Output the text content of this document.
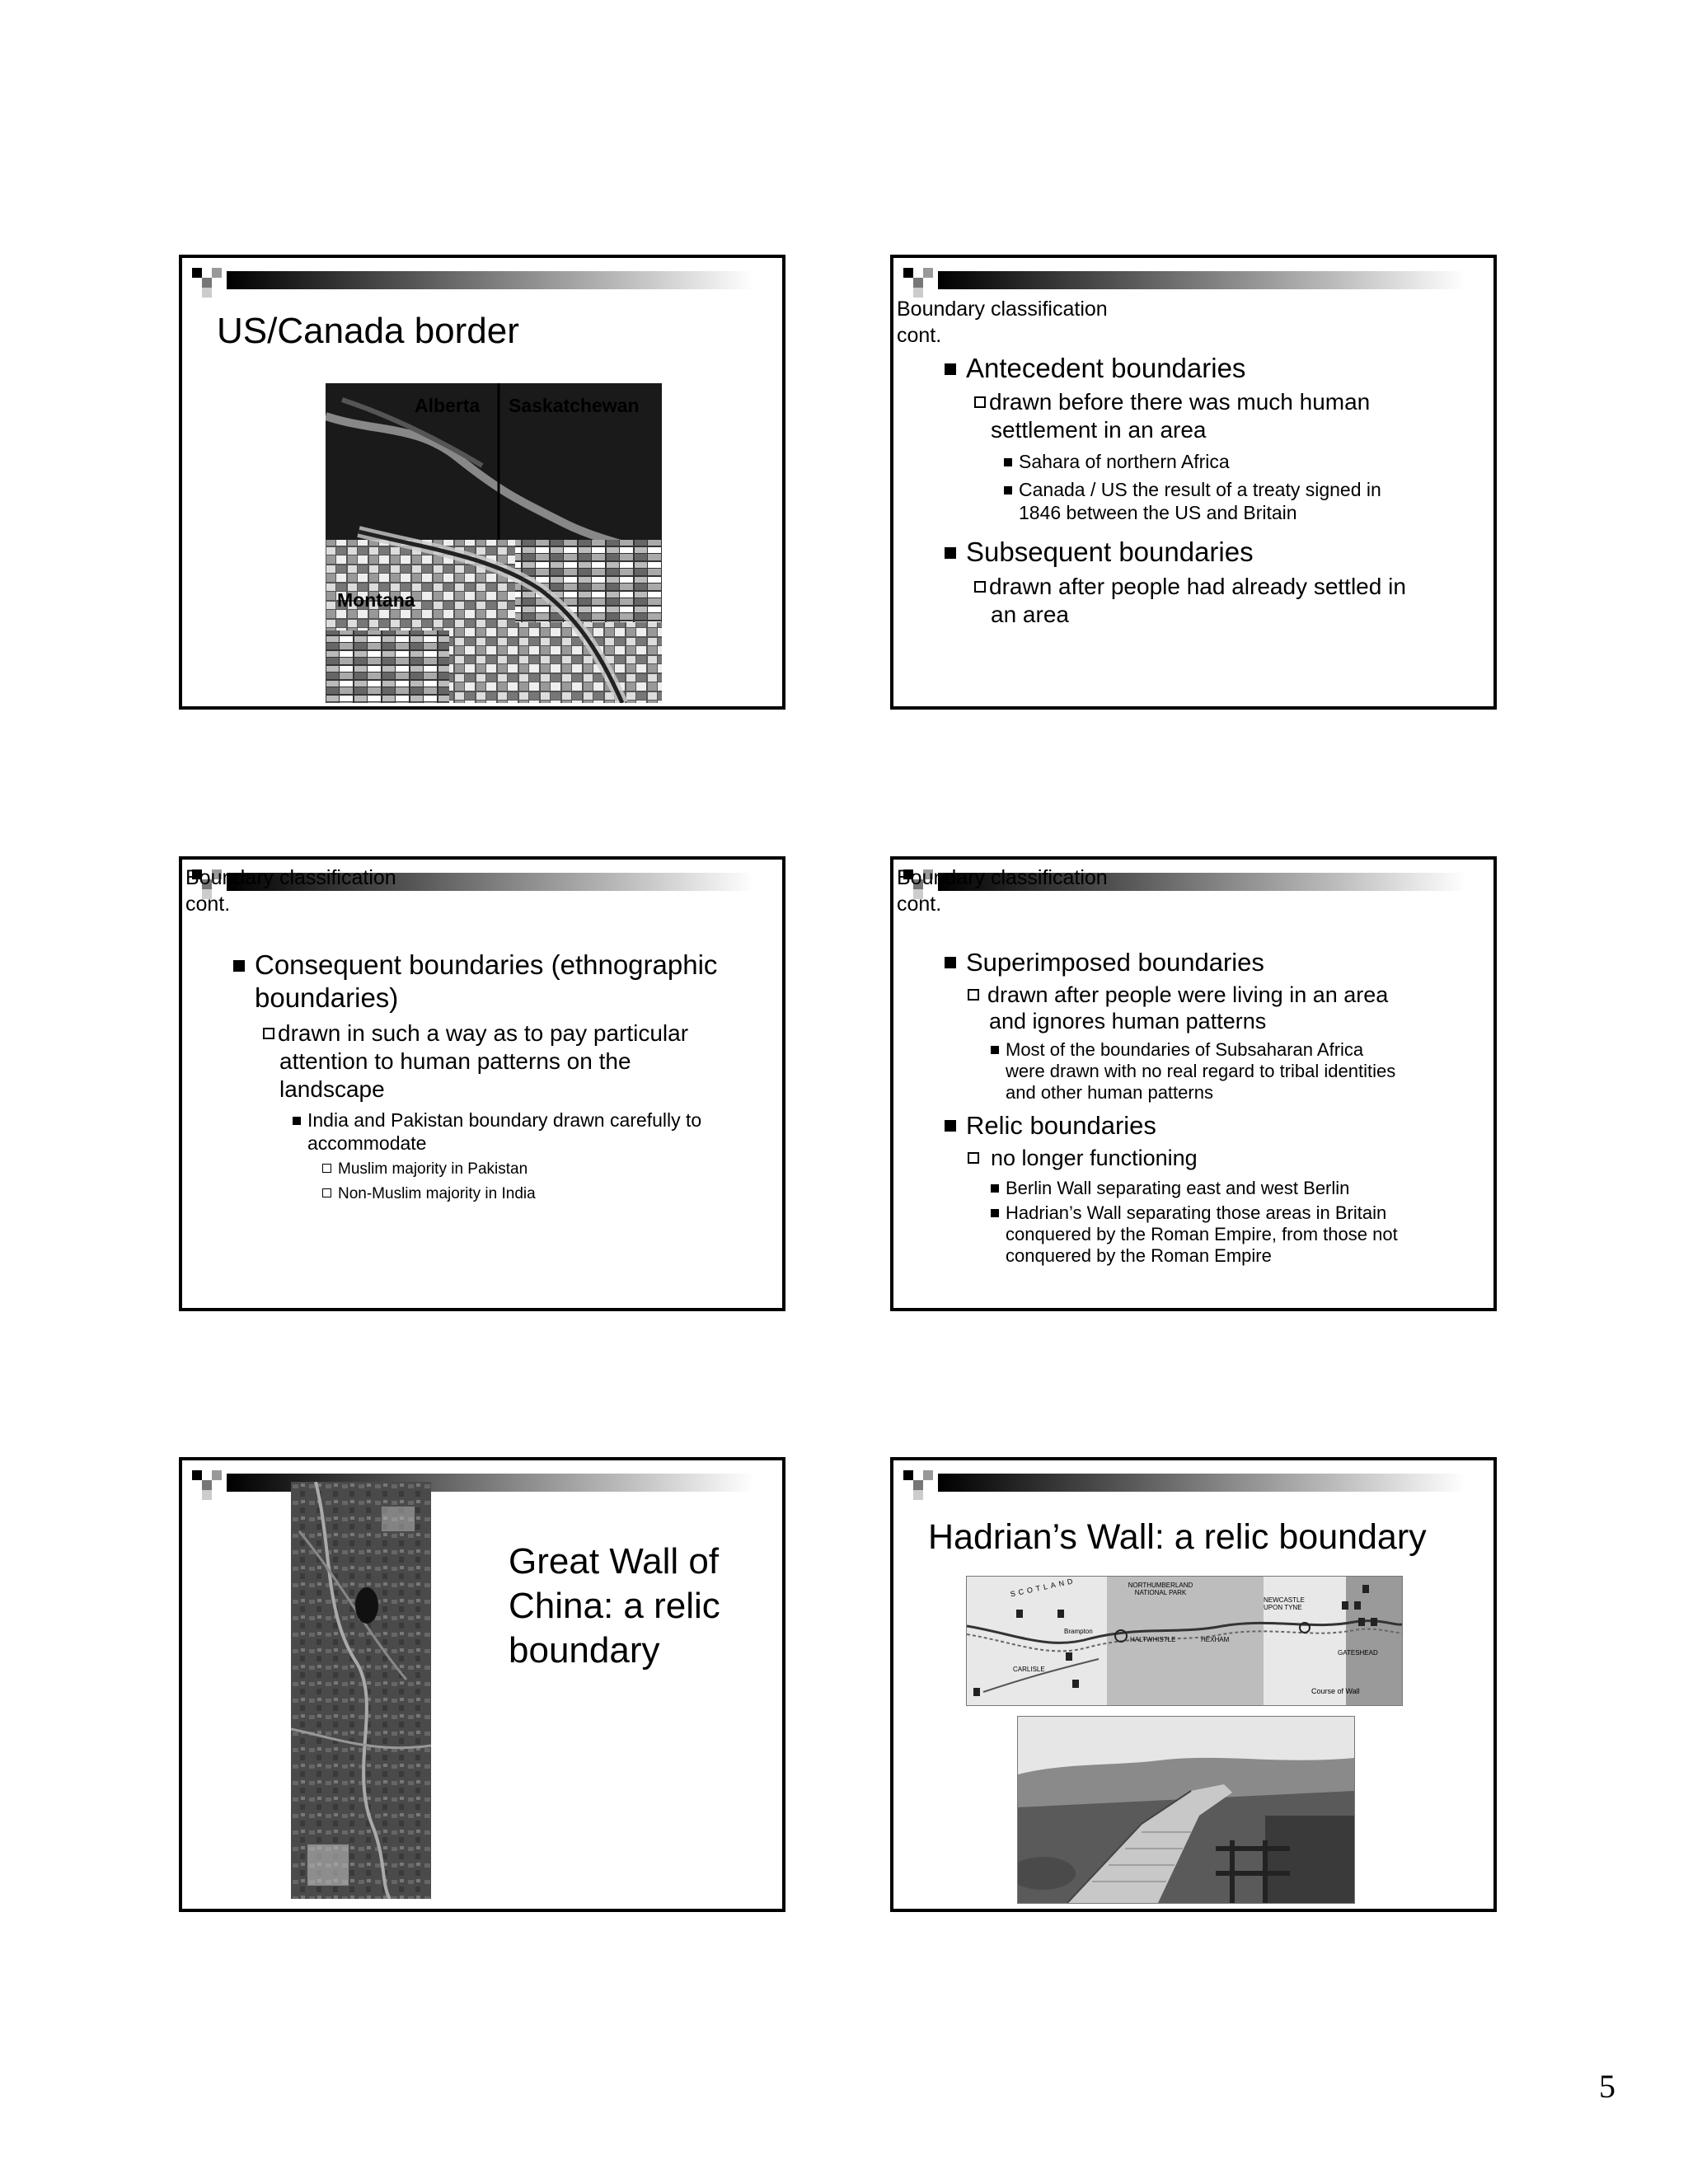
US/Canada border
Alberta Saskatchewan
Montana
Boundary classification
cont.
Antecedent boundaries
drawn before there was much human
settlement in an area
Sahara of northern Africa
Canada / US the result of a treaty signed in
1846 between the US and Britain
Subsequent boundaries
drawn after people had already settled in
an area
Boundary classification
cont.
Consequent boundaries (ethnographic
boundaries)
drawn in such a way as to pay particular
attention to human patterns on the
landscape
India and Pakistan boundary drawn carefully to
accommodate
Muslim majority in Pakistan
Non-Muslim majority in India
Boundary classification
cont.
Superimposed boundaries
drawn after people were living in an area
and ignores human patterns
Most of the boundaries of Subsaharan Africa
were drawn with no real regard to tribal identities
and other human patterns
Relic boundaries
no longer functioning
Berlin Wall separating east and west Berlin
Hadrian’s Wall separating those areas in Britain
conquered by the Roman Empire, from those not
conquered by the Roman Empire
Great Wall of
China: a relic
boundary
Hadrian’s Wall: a relic boundary
SCOTLAND	NORTHUMBERLAND NATIONAL PARK
NEWCASTLE UPON TYNE
CARLISLE
Brampton
HALTWHISTLE	HEXHAM
GATESHEAD
Course of Wall
5
